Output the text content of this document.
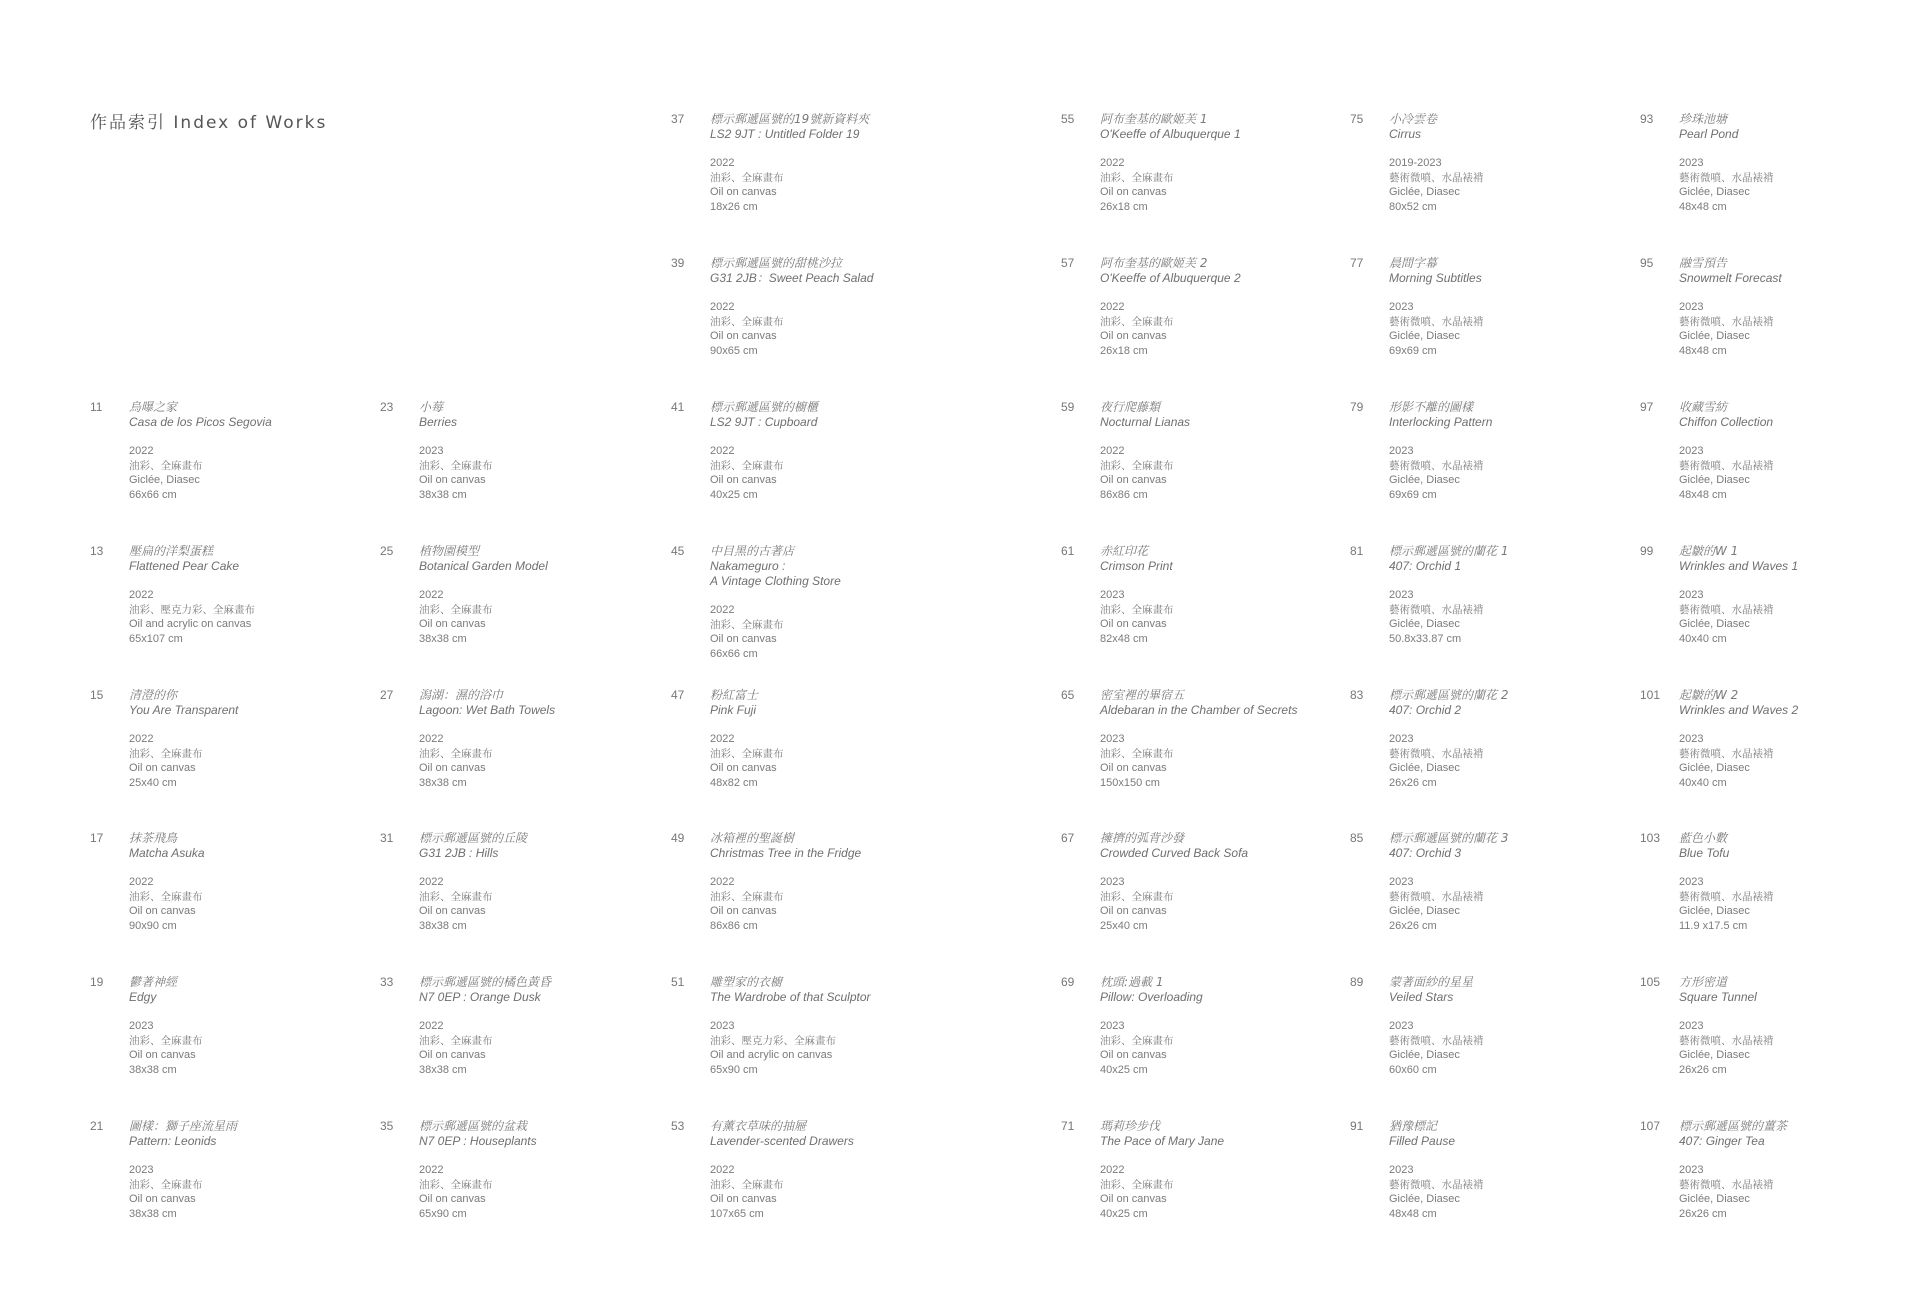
作品索引 Index of Works
11 烏曝之家
Casa de los Picos Segovia
2022
油彩、全麻畫布
Giclée, Diasec
66x66 cm
13 壓扁的洋梨蛋糕
Flattened Pear Cake
2022
油彩、壓克力彩、全麻畫布
Oil and acrylic on canvas
65x107 cm
15 清澄的你
You Are Transparent
2022
油彩、全麻畫布
Oil on canvas
25x40 cm
17 抹茶飛鳥
Matcha Asuka
2022
油彩、全麻畫布
Oil on canvas
90x90 cm
19 鬱著神經
Edgy
2023
油彩、全麻畫布
Oil on canvas
38x38 cm
21 圖樣：獅子座流星雨
Pattern: Leonids
2023
油彩、全麻畫布
Oil on canvas
38x38 cm
23 小莓
Berries
2023
油彩、全麻畫布
Oil on canvas
38x38 cm
25 植物園模型
Botanical Garden Model
2022
油彩、全麻畫布
Oil on canvas
38x38 cm
27 潟湖：濕的浴巾
Lagoon: Wet Bath Towels
2022
油彩、全麻畫布
Oil on canvas
38x38 cm
31 標示郵遞區號的丘陵
G31 2JB : Hills
2022
油彩、全麻畫布
Oil on canvas
38x38 cm
33 標示郵遞區號的橘色黃昏
N7 0EP : Orange Dusk
2022
油彩、全麻畫布
Oil on canvas
38x38 cm
35 標示郵遞區號的盆栽
N7 0EP : Houseplants
2022
油彩、全麻畫布
Oil on canvas
65x90 cm
37 標示郵遞區號的19號新資料夾
LS2 9JT : Untitled Folder 19
2022
油彩、全麻畫布
Oil on canvas
18x26 cm
39 標示郵遞區號的甜桃沙拉
G31 2JB：Sweet Peach Salad
2022
油彩、全麻畫布
Oil on canvas
90x65 cm
41 標示郵遞區號的櫥櫃
LS2 9JT : Cupboard
2022
油彩、全麻畫布
Oil on canvas
40x25 cm
45 中目黑的古著店
Nakameguro :
A Vintage Clothing Store
2022
油彩、全麻畫布
Oil on canvas
66x66 cm
47 粉紅富士
Pink Fuji
2022
油彩、全麻畫布
Oil on canvas
48x82 cm
49 冰箱裡的聖誕樹
Christmas Tree in the Fridge
2022
油彩、全麻畫布
Oil on canvas
86x86 cm
51 雕塑家的衣櫥
The Wardrobe of that Sculptor
2023
油彩、壓克力彩、全麻畫布
Oil and acrylic on canvas
65x90 cm
53 有薰衣草味的抽屜
Lavender-scented Drawers
2022
油彩、全麻畫布
Oil on canvas
107x65 cm
55 阿布奎基的歐姬芙 1
O'Keeffe of Albuquerque 1
2022
油彩、全麻畫布
Oil on canvas
26x18 cm
57 阿布奎基的歐姬芙 2
O'Keeffe of Albuquerque 2
2022
油彩、全麻畫布
Oil on canvas
26x18 cm
59 夜行爬藤類
Nocturnal Lianas
2022
油彩、全麻畫布
Oil on canvas
86x86 cm
61 赤紅印花
Crimson Print
2023
油彩、全麻畫布
Oil on canvas
82x48 cm
65 密室裡的畢宿五
Aldebaran in the Chamber of Secrets
2023
油彩、全麻畫布
Oil on canvas
150x150 cm
67 擁擠的弧背沙發
Crowded Curved Back Sofa
2023
油彩、全麻畫布
Oil on canvas
25x40 cm
69 枕頭:過載 1
Pillow: Overloading
2023
油彩、全麻畫布
Oil on canvas
40x25 cm
71 瑪莉珍步伐
The Pace of Mary Jane
2022
油彩、全麻畫布
Oil on canvas
40x25 cm
75 小冷雲卷
Cirrus
2019-2023
藝術微噴、水晶裱褙
Giclée, Diasec
80x52 cm
77 晨間字幕
Morning Subtitles
2023
藝術微噴、水晶裱褙
Giclée, Diasec
69x69 cm
79 形影不離的圖樣
Interlocking Pattern
2023
藝術微噴、水晶裱褙
Giclée, Diasec
69x69 cm
81 標示郵遞區號的蘭花 1
407: Orchid 1
2023
藝術微噴、水晶裱褙
Giclée, Diasec
50.8x33.87 cm
83 標示郵遞區號的蘭花 2
407: Orchid 2
2023
藝術微噴、水晶裱褙
Giclée, Diasec
26x26 cm
85 標示郵遞區號的蘭花 3
407: Orchid 3
2023
藝術微噴、水晶裱褙
Giclée, Diasec
26x26 cm
89 蒙著面紗的星星
Veiled Stars
2023
藝術微噴、水晶裱褙
Giclée, Diasec
60x60 cm
91 猶豫標記
Filled Pause
2023
藝術微噴、水晶裱褙
Giclée, Diasec
48x48 cm
93 珍珠池塘
Pearl Pond
2023
藝術微噴、水晶裱褙
Giclée, Diasec
48x48 cm
95 融雪預告
Snowmelt Forecast
2023
藝術微噴、水晶裱褙
Giclée, Diasec
48x48 cm
97 收藏雪紡
Chiffon Collection
2023
藝術微噴、水晶裱褙
Giclée, Diasec
48x48 cm
99 起皺的W 1
Wrinkles and Waves 1
2023
藝術微噴、水晶裱褙
Giclée, Diasec
40x40 cm
101 起皺的W 2
Wrinkles and Waves 2
2023
藝術微噴、水晶裱褙
Giclée, Diasec
40x40 cm
103 藍色小數
Blue Tofu
2023
藝術微噴、水晶裱褙
Giclée, Diasec
11.9 x17.5 cm
105 方形密道
Square Tunnel
2023
藝術微噴、水晶裱褙
Giclée, Diasec
26x26 cm
107 標示郵遞區號的薑茶
407: Ginger Tea
2023
藝術微噴、水晶裱褙
Giclée, Diasec
26x26 cm
